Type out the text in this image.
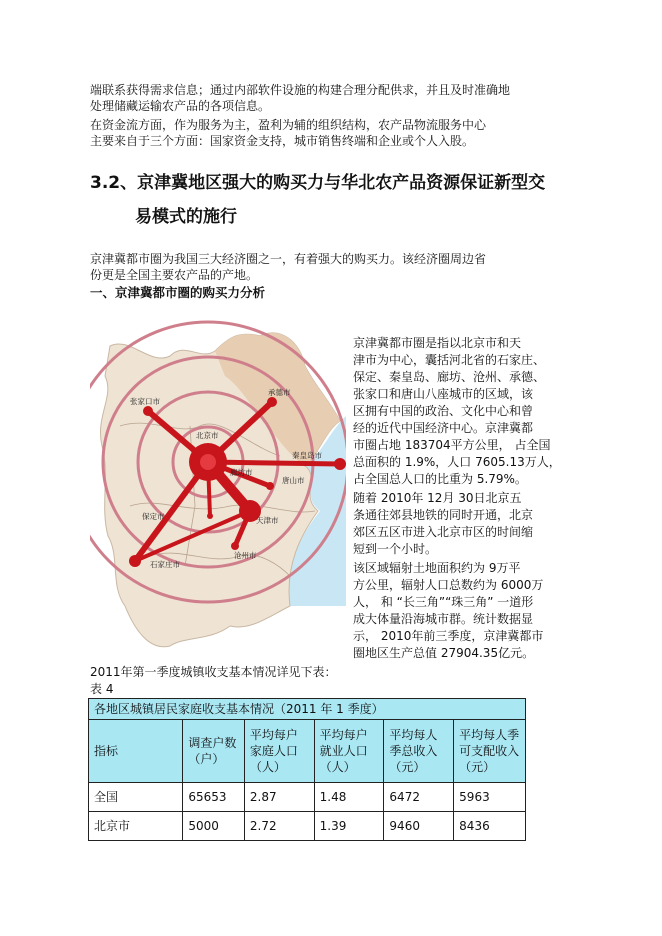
端联系获得需求信息；通过内部软件设施的构建合理分配供求，并且及时准确地
处理储藏运输农产品的各项信息。
在资金流方面，作为服务为主，盈利为辅的组织结构，农产品物流服务中心
主要来自于三个方面：国家资金支持，城市销售终端和企业或个人入股。
3.2、京津冀地区强大的购买力与华北农产品资源保证新型交
易模式的施行
京津冀都市圈为我国三大经济圈之一，有着强大的购买力。该经济圈周边省
份更是全国主要农产品的产地。
一、京津冀都市圈的购买力分析
张家口市
承德市
北京市
秦皇岛市
廊坊市
唐山市
保定市	天津市
沧州市
石家庄市
京津冀都市圈是指以北京市和天
津市为中心，囊括河北省的石家庄、
保定、秦皇岛、廊坊、沧州、承德、
张家口和唐山八座城市的区域，该
区拥有中国的政治、文化中心和曾
经的近代中国经济中心。京津冀都
市圈占地 183704平方公里， 占全国
总面积的 1.9%，人口 7605.13万人，
占全国总人口的比重为 5.79%。
随着 2010年 12月 30日北京五
条通往郊县地铁的同时开通，北京
郊区五区市进入北京市区的时间缩
短到一个小时。
该区域辐射土地面积约为 9万平
方公里，辐射人口总数约为 6000万
人， 和 “长三角”“珠三角” 一道形
成大体量沿海城市群。统计数据显
示， 2010年前三季度，京津冀都市
圈地区生产总值 27904.35亿元。
2011年第一季度城镇收支基本情况详见下表：
表 4
各地区城镇居民家庭收支基本情况（2011 年 1 季度）					
指标	调查户数（户）	平均每户家庭人口（人）	平均每户就业人口（人）	平均每人季总收入（元）	平均每人季可支配收入（元）
全国	65653	2.87	1.48	6472	5963
北京市	5000	2.72	1.39	9460	8436
